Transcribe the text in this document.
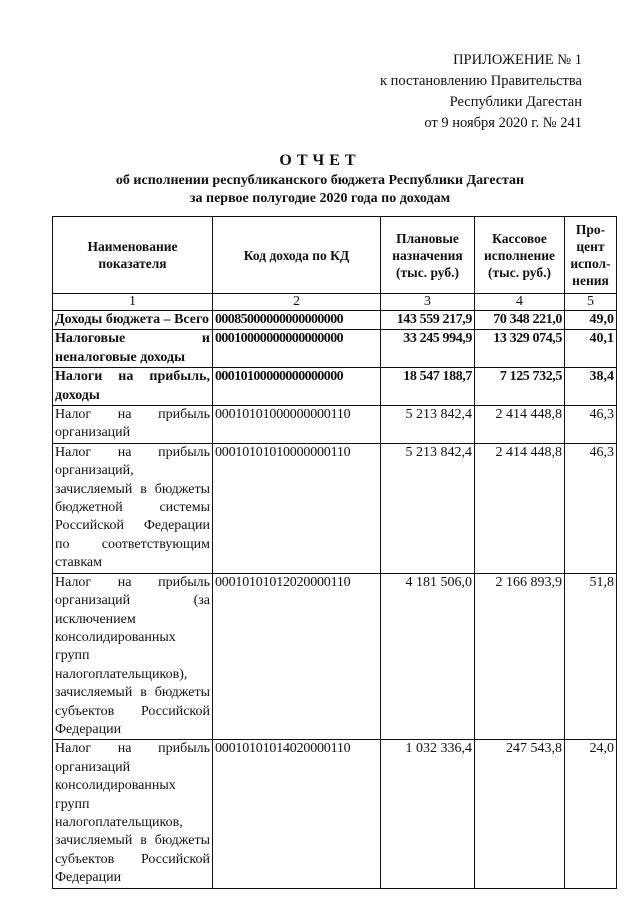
ПРИЛОЖЕНИЕ № 1
к постановлению Правительства
Республики Дагестан
от 9 ноября 2020 г. № 241
ОТЧЕТ
об исполнении республиканского бюджета Республики Дагестан
за первое полугодие 2020 года по доходам
Наименование показателя	Код дохода по КД	Плановые назначения (тыс. руб.)	Кассовое исполнение (тыс. руб.)	Про-цент испол-нения
1	2	3	4	5
Доходы бюджета – Всего	00085000000000000000	143 559 217,9	70 348 221,0	49,0
Налоговые и неналоговые доходы	00010000000000000000	33 245 994,9	13 329 074,5	40,1
Налоги на прибыль, доходы	00010100000000000000	18 547 188,7	7 125 732,5	38,4
Налог на прибыль организаций	00010101000000000110	5 213 842,4	2 414 448,8	46,3
Налог на прибыль организаций, зачисляемый в бюджеты бюджетной системы Российской Федерации по соответствующим ставкам	00010101010000000110	5 213 842,4	2 414 448,8	46,3
Налог на прибыль организаций (за исключением консолидированных групп налогоплательщиков), зачисляемый в бюджеты субъектов Российской Федерации	00010101012020000110	4 181 506,0	2 166 893,9	51,8
Налог на прибыль организаций консолидированных групп налогоплательщиков, зачисляемый в бюджеты субъектов Российской Федерации	00010101014020000110	1 032 336,4	247 543,8	24,0
